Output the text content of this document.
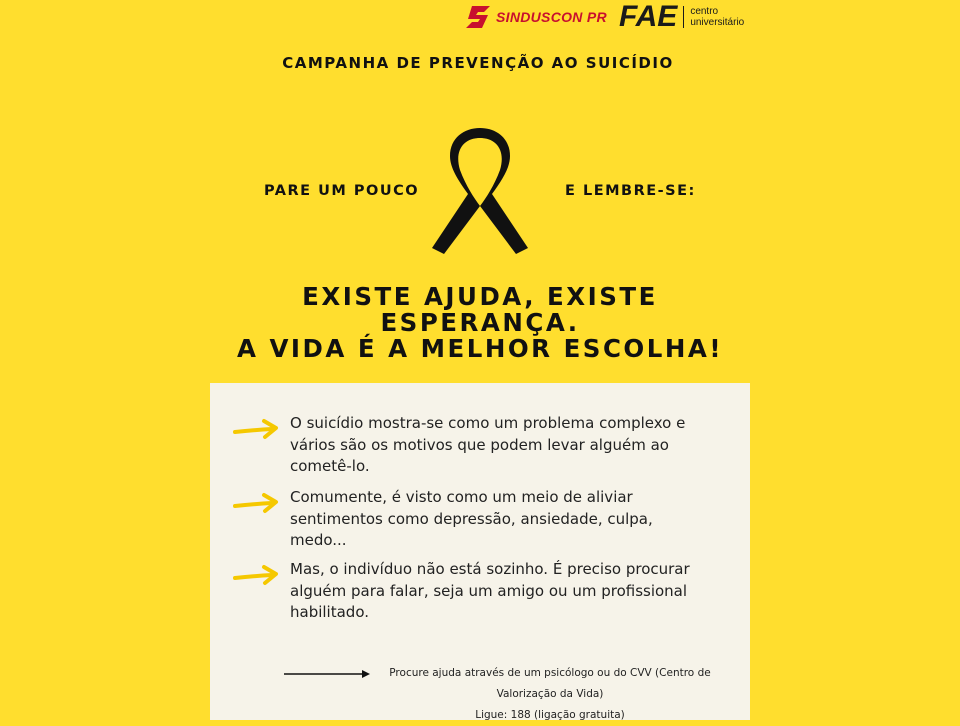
SINDUSCON PR FAE centro
universitário
CAMPANHA DE PREVENÇÃO AO SUICÍDIO
PARE UM POUCO	E LEMBRE-SE:
EXISTE AJUDA, EXISTE
ESPERANÇA.
A VIDA É A MELHOR ESCOLHA!
O suicídio mostra-se como um problema complexo e vários são os motivos que podem levar alguém ao cometê-lo.
Comumente, é visto como um meio de aliviar sentimentos como depressão, ansiedade, culpa, medo...
Mas, o indivíduo não está sozinho. É preciso procurar alguém para falar, seja um amigo ou um profissional habilitado.
Procure ajuda através de um psicólogo ou do CVV (Centro de
Valorização da Vida)
Ligue: 188 (ligação gratuita)
